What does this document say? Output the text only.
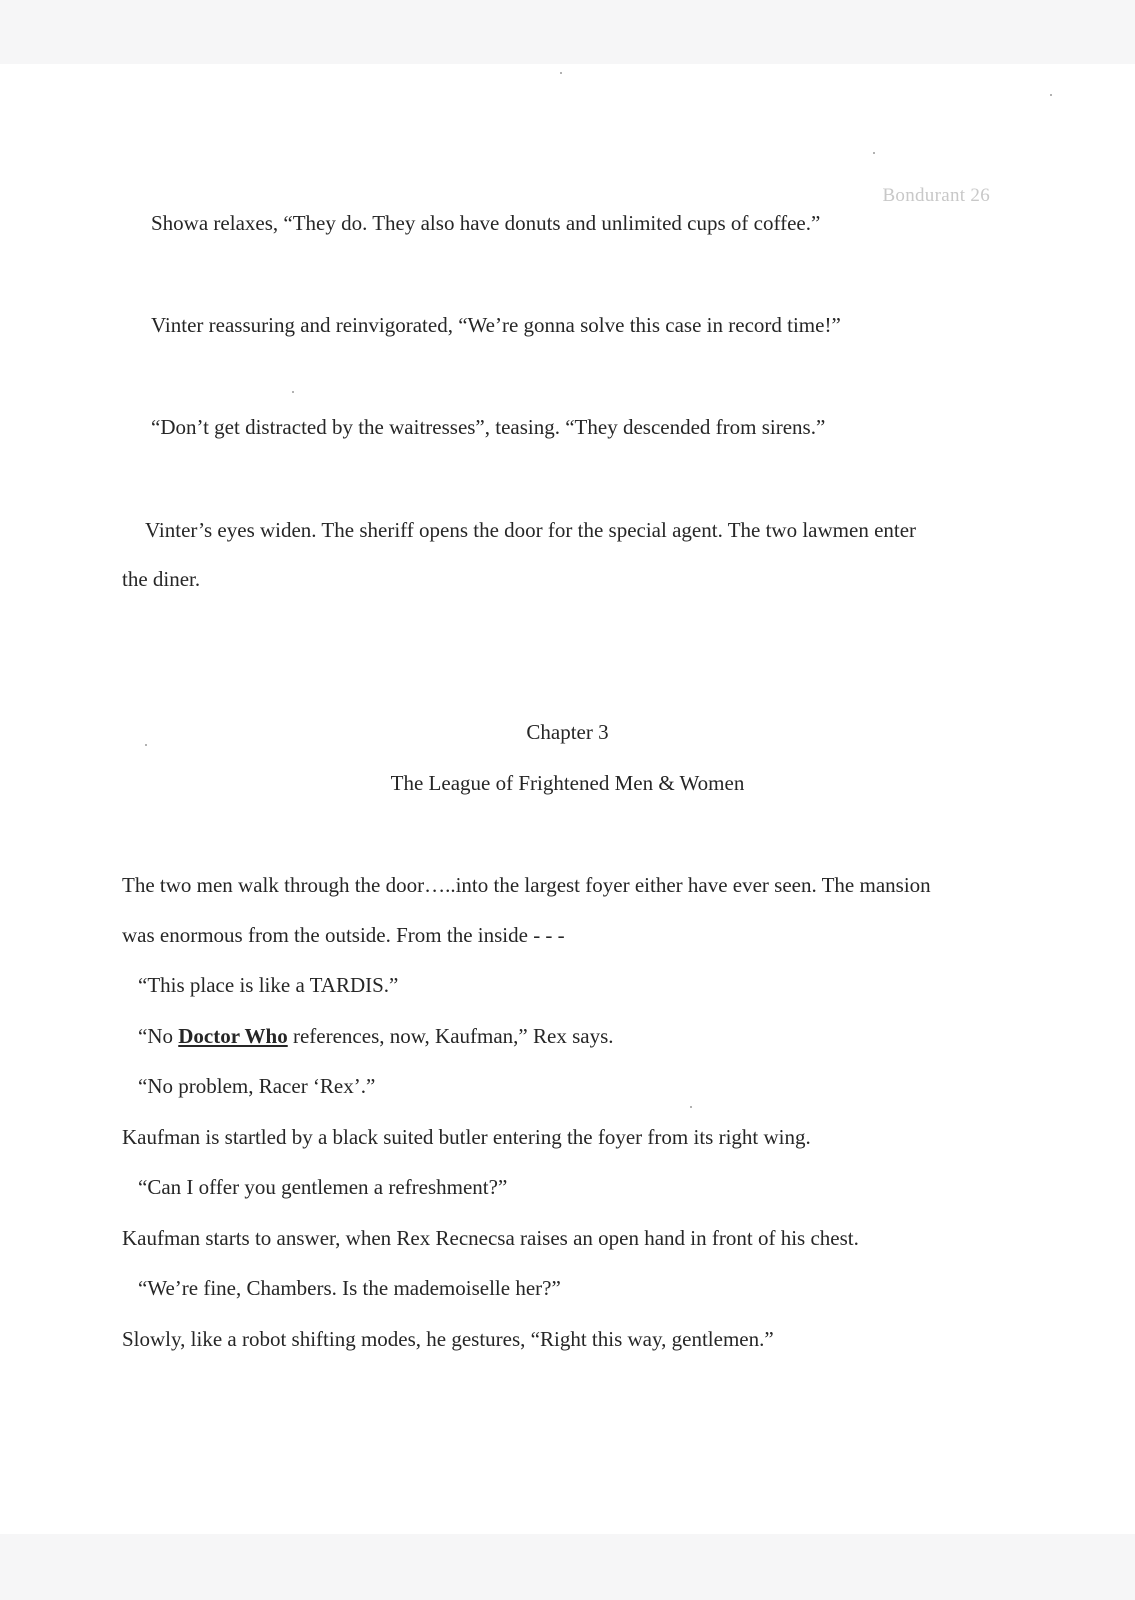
Bondurant 26
Showa relaxes, “They do. They also have donuts and unlimited cups of coffee.”
Vinter reassuring and reinvigorated, “We’re gonna solve this case in record time!”
“Don’t get distracted by the waitresses”, teasing. “They descended from sirens.”
Vinter’s eyes widen. The sheriff opens the door for the special agent. The two lawmen enter
the diner.
Chapter 3
The League of Frightened Men & Women
The two men walk through the door…..into the largest foyer either have ever seen. The mansion
was enormous from the outside. From the inside - - -
“This place is like a TARDIS.”
“No Doctor Who references, now, Kaufman,” Rex says.
“No problem, Racer ‘Rex’.”
Kaufman is startled by a black suited butler entering the foyer from its right wing.
“Can I offer you gentlemen a refreshment?”
Kaufman starts to answer, when Rex Recnecsa raises an open hand in front of his chest.
“We’re fine, Chambers. Is the mademoiselle her?”
Slowly, like a robot shifting modes, he gestures, “Right this way, gentlemen.”
